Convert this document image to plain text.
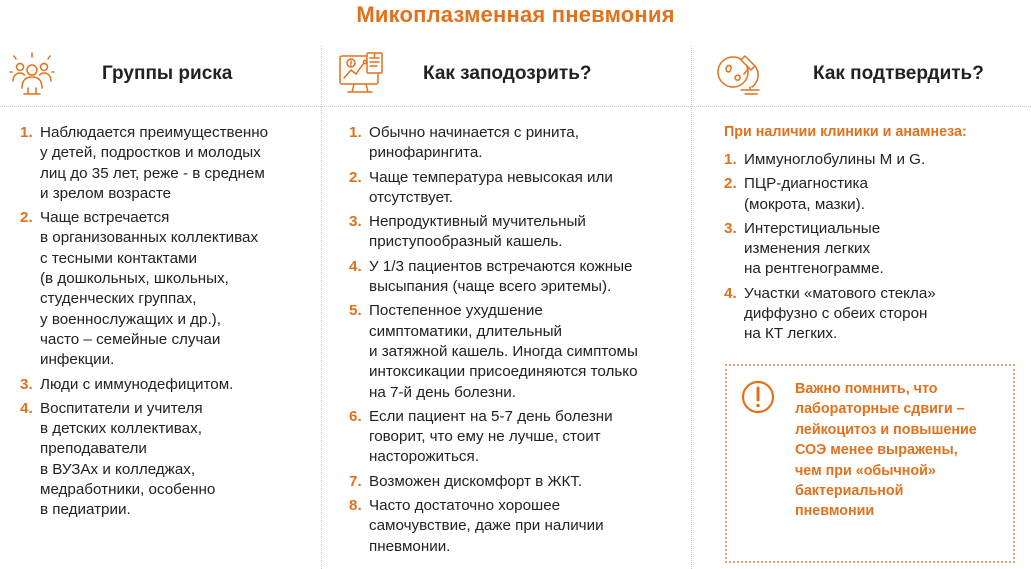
Микоплазменная пневмония
Группы риска
1. Наблюдается преимущественно
у детей, подростков и молодых
лиц до 35 лет, реже - в среднем
и зрелом возрасте
2. Чаще встречается
в организованных коллективах
с тесными контактами
(в дошкольных, школьных,
студенческих группах,
у военнослужащих и др.),
часто – семейные случаи
инфекции.
3. Люди с иммунодефицитом.
4. Воспитатели и учителя
в детских коллективах,
преподаватели
в ВУЗАх и колледжах,
медработники, особенно
в педиатрии.
Как заподозрить?
1. Обычно начинается с ринита,
ринофарингита.
2. Чаще температура невысокая или
отсутствует.
3. Непродуктивный мучительный
приступообразный кашель.
4. У 1/3 пациентов встречаются кожные
высыпания (чаще всего эритемы).
5. Постепенное ухудшение
симптоматики, длительный
и затяжной кашель. Иногда симптомы
интоксикации присоединяются только
на 7-й день болезни.
6. Если пациент на 5-7 день болезни
говорит, что ему не лучше, стоит
насторожиться.
7. Возможен дискомфорт в ЖКТ.
8. Часто достаточно хорошее
самочувствие, даже при наличии
пневмонии.
Как подтвердить?
При наличии клиники и анамнеза:
1. Иммуноглобулины M и G.
2. ПЦР-диагностика
(мокрота, мазки).
3. Интерстициальные
изменения легких
на рентгенограмме.
4. Участки «матового стекла»
диффузно с обеих сторон
на КТ легких.
Важно помнить, что
лабораторные сдвиги –
лейкоцитоз и повышение
СОЭ менее выражены,
чем при «обычной»
бактериальной
пневмонии
